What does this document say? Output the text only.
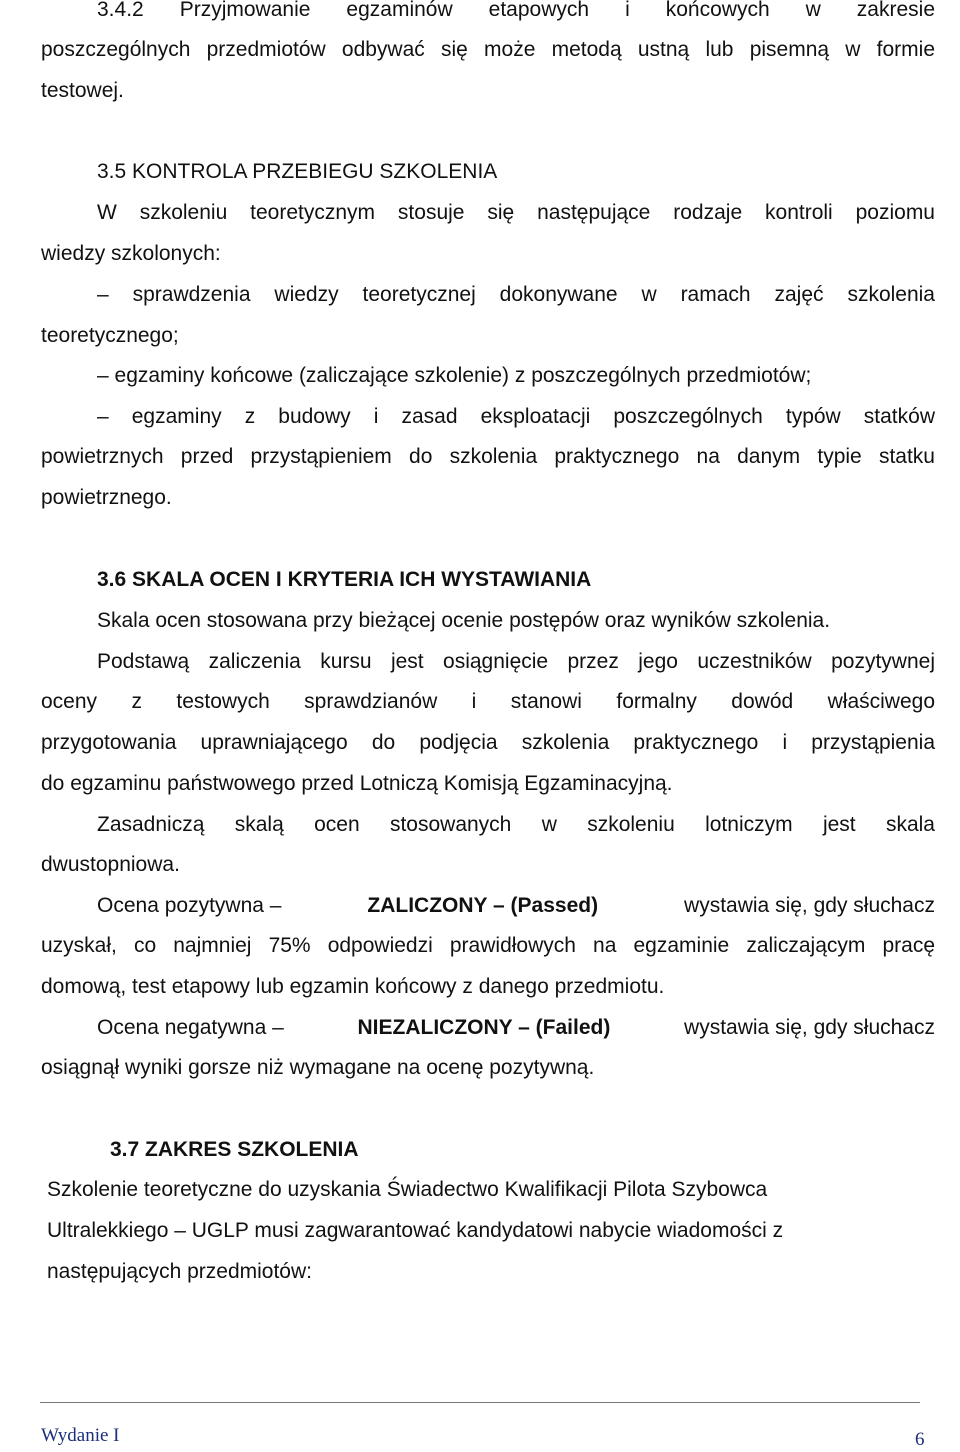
3.4.2 Przyjmowanie egzaminów etapowych i końcowych w zakresie
poszczególnych przedmiotów odbywać się może metodą ustną lub pisemną w formie
testowej.
3.5 KONTROLA PRZEBIEGU SZKOLENIA
W szkoleniu teoretycznym stosuje się następujące rodzaje kontroli poziomu
wiedzy szkolonych:
– sprawdzenia wiedzy teoretycznej dokonywane w ramach zajęć szkolenia
teoretycznego;
– egzaminy końcowe (zaliczające szkolenie) z poszczególnych przedmiotów;
– egzaminy z budowy i zasad eksploatacji poszczególnych typów statków
powietrznych przed przystąpieniem do szkolenia praktycznego na danym typie statku
powietrznego.
3.6 SKALA OCEN I KRYTERIA ICH WYSTAWIANIA
Skala ocen stosowana przy bieżącej ocenie postępów oraz wyników szkolenia.
Podstawą zaliczenia kursu jest osiągnięcie przez jego uczestników pozytywnej
oceny z testowych sprawdzianów i stanowi formalny dowód właściwego
przygotowania uprawniającego do podjęcia szkolenia praktycznego i przystąpienia
do egzaminu państwowego przed Lotniczą Komisją Egzaminacyjną.
Zasadniczą skalą ocen stosowanych w szkoleniu lotniczym jest skala
dwustopniowa.
Ocena pozytywna –	ZALICZONY – (Passed)	wystawia się, gdy słuchacz
uzyskał, co najmniej 75% odpowiedzi prawidłowych na egzaminie zaliczającym pracę
domową, test etapowy lub egzamin końcowy z danego przedmiotu.
Ocena negatywna –	NIEZALICZONY – (Failed)	wystawia się, gdy słuchacz
osiągnął wyniki gorsze niż wymagane na ocenę pozytywną.
3.7 ZAKRES SZKOLENIA
Szkolenie teoretyczne do uzyskania Świadectwo Kwalifikacji Pilota Szybowca
Ultralekkiego – UGLP musi zagwarantować kandydatowi nabycie wiadomości z
następujących przedmiotów:
Wydanie I	6
